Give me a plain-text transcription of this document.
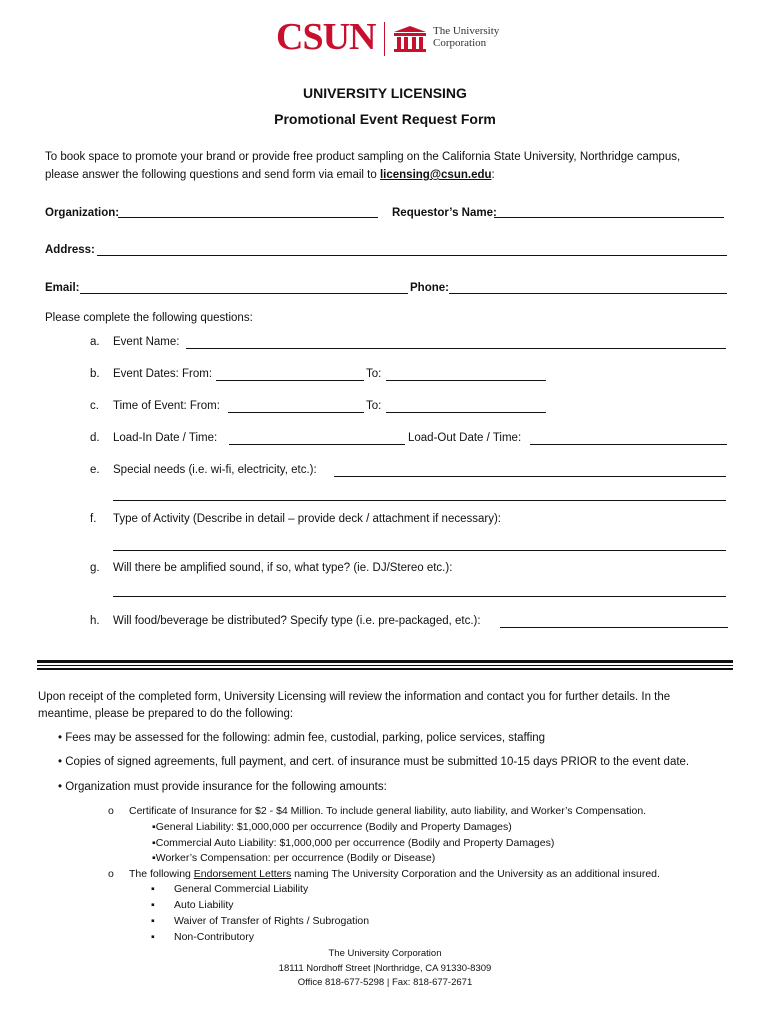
CSUN	The University
Corporation
UNIVERSITY LICENSING
Promotional Event Request Form
To book space to promote your brand or provide free product sampling on the California State University, Northridge campus,
please answer the following questions and send form via email to licensing@csun.edu:
Organization:	Requestor’s Name:
Address:
Email:	Phone:
Please complete the following questions:
a. Event Name:
b. Event Dates: From:	To:
c. Time of Event: From:	To:
d. Load-In Date / Time:	Load-Out Date / Time:
e. Special needs (i.e. wi-fi, electricity, etc.):
f. Type of Activity (Describe in detail – provide deck / attachment if necessary):
g. Will there be amplified sound, if so, what type? (ie. DJ/Stereo etc.):
h. Will food/beverage be distributed? Specify type (i.e. pre-packaged, etc.):
Upon receipt of the completed form, University Licensing will review the information and contact you for further details. In the
meantime, please be prepared to do the following:
• Fees may be assessed for the following: admin fee, custodial, parking, police services, staffing
• Copies of signed agreements, full payment, and cert. of insurance must be submitted 10-15 days PRIOR to the event date.
• Organization must provide insurance for the following amounts:
o Certificate of Insurance for $2 - $4 Million. To include general liability, auto liability, and Worker’s Compensation.
▪General Liability: $1,000,000 per occurrence (Bodily and Property Damages)
▪Commercial Auto Liability: $1,000,000 per occurrence (Bodily and Property Damages)
▪Worker’s Compensation: per occurrence (Bodily or Disease)
o The following Endorsement Letters naming The University Corporation and the University as an additional insured.
▪ General Commercial Liability
▪ Auto Liability
▪ Waiver of Transfer of Rights / Subrogation
▪ Non-Contributory
The University Corporation
18111 Nordhoff Street |Northridge, CA 91330-8309
Office 818-677-5298 | Fax: 818-677-2671
